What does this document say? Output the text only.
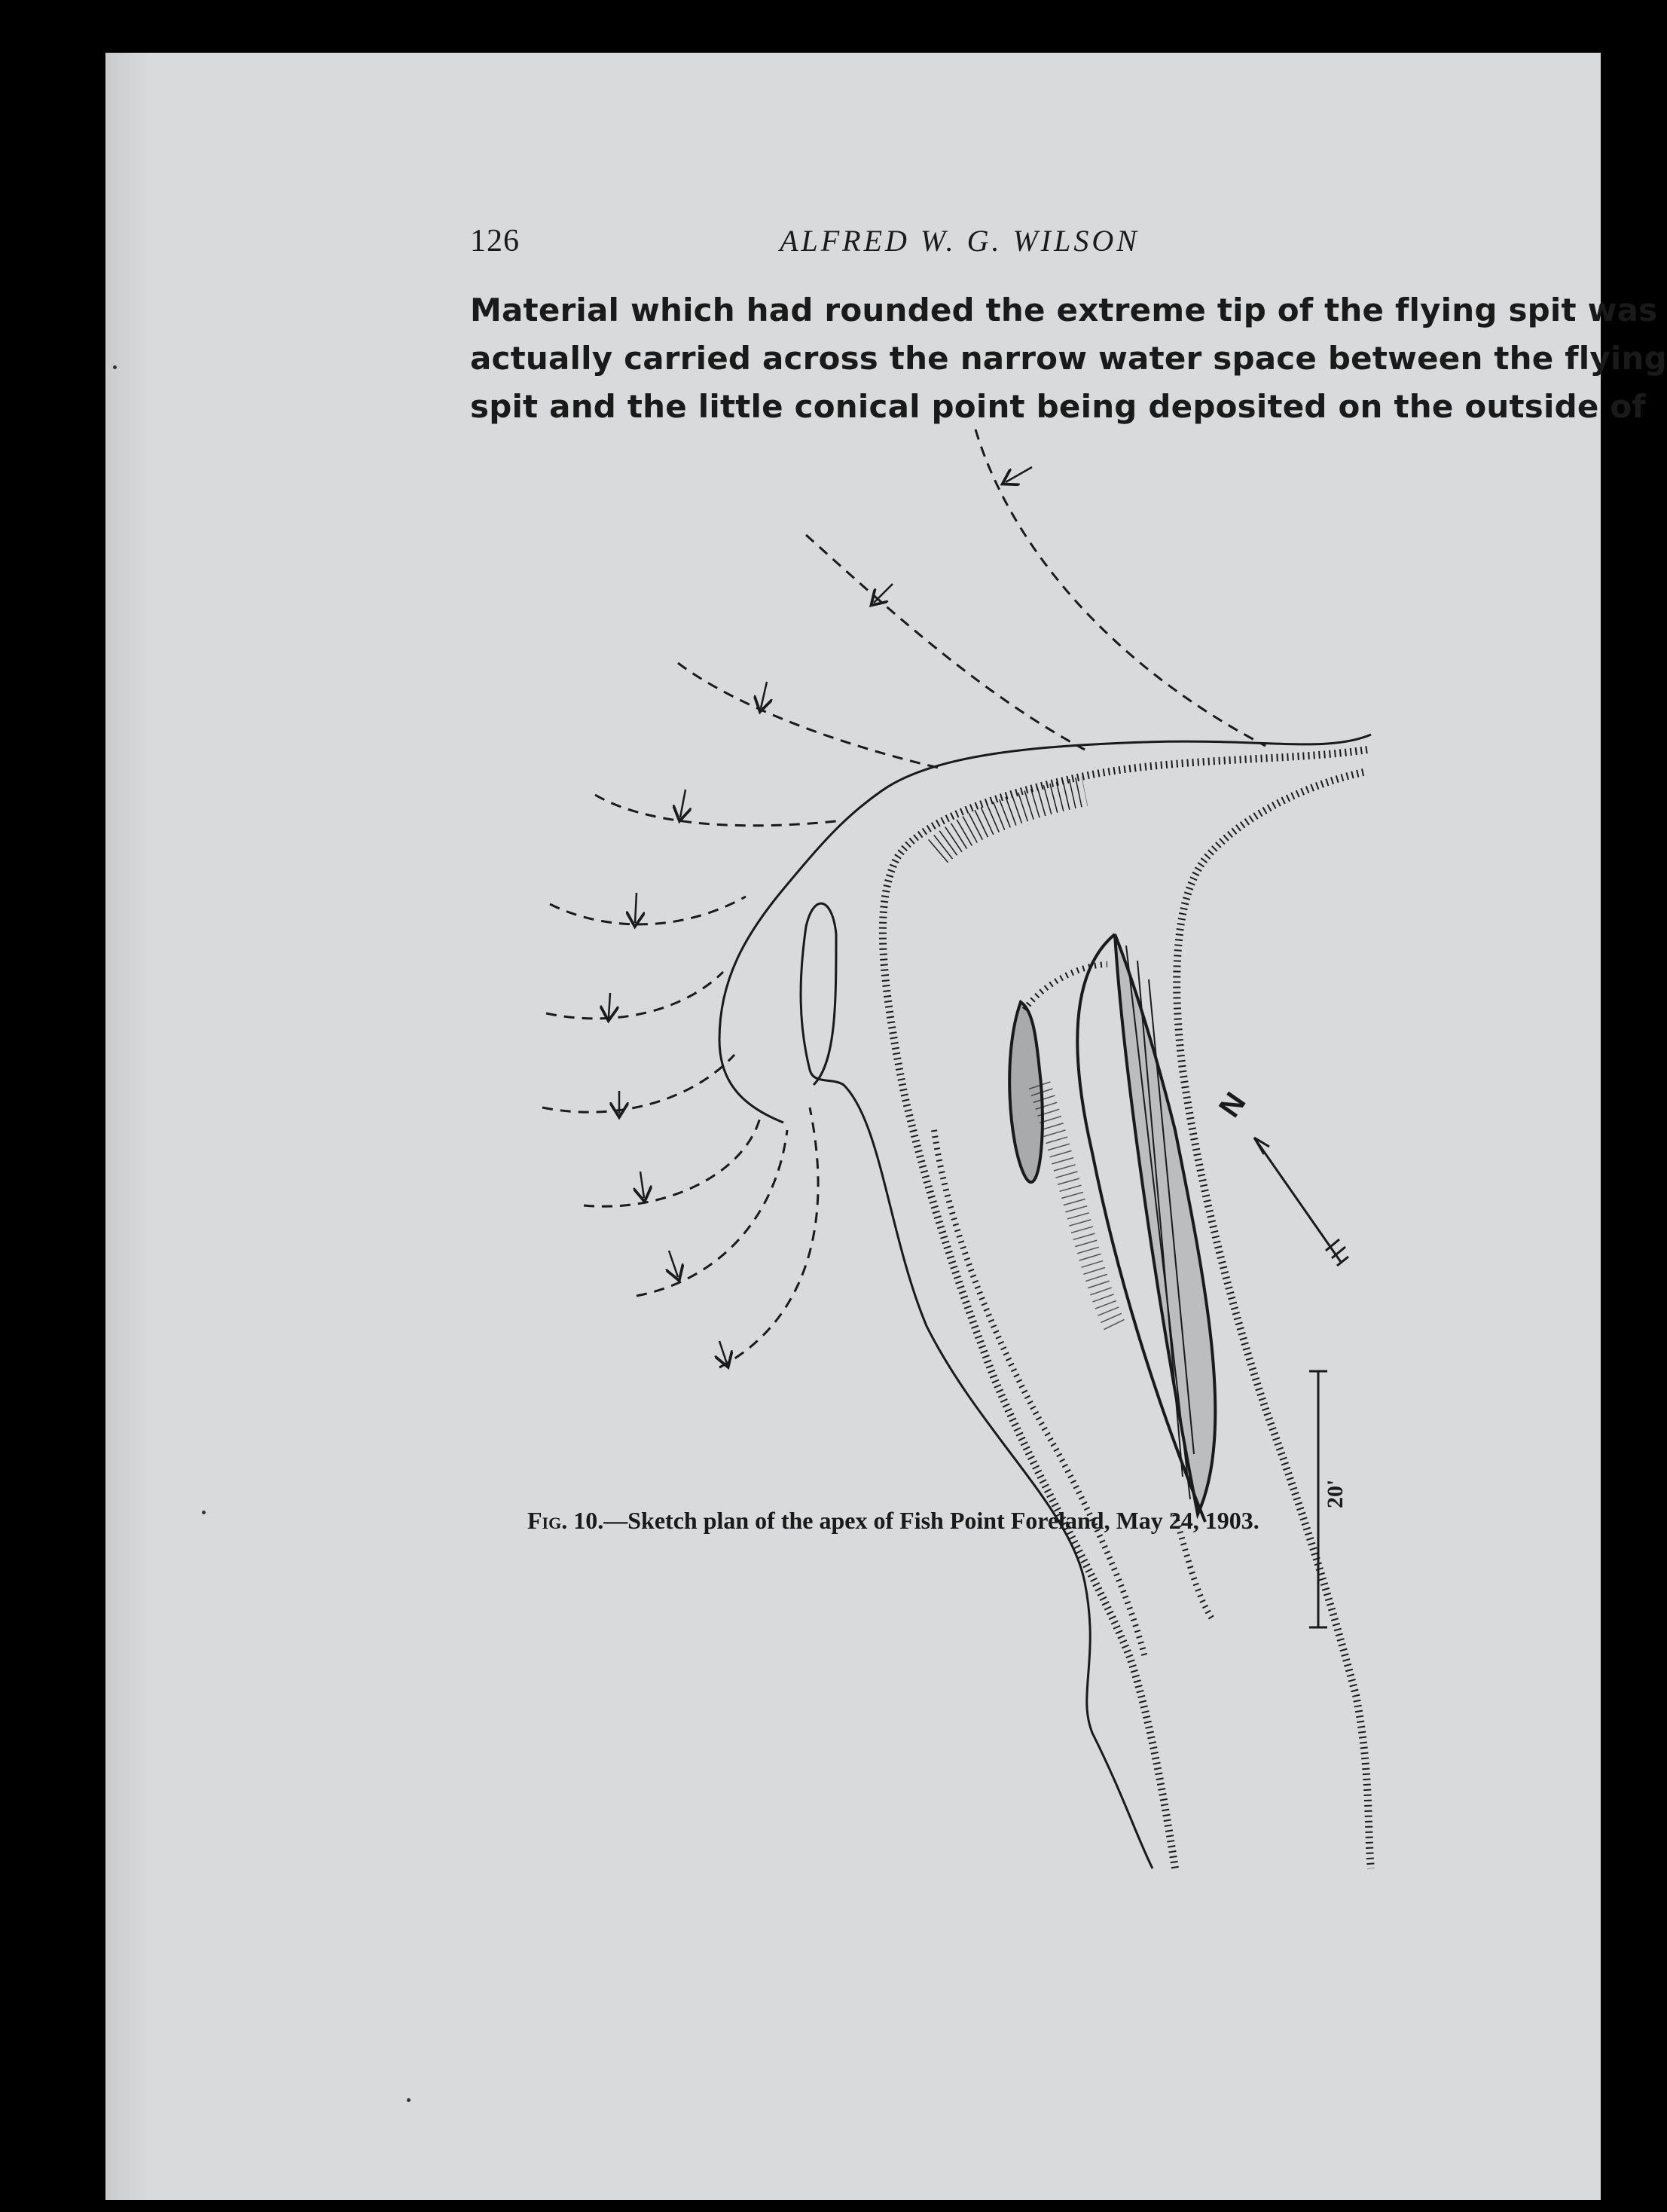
126	ALFRED W. G. WILSON
Material which had rounded the extreme tip of the flying spit was
actually carried across the narrow water space between the flying
spit and the little conical point being deposited on the outside of
N
20'
Fig. 10.—Sketch plan of the apex of Fish Point Foreland, May 24, 1903.
